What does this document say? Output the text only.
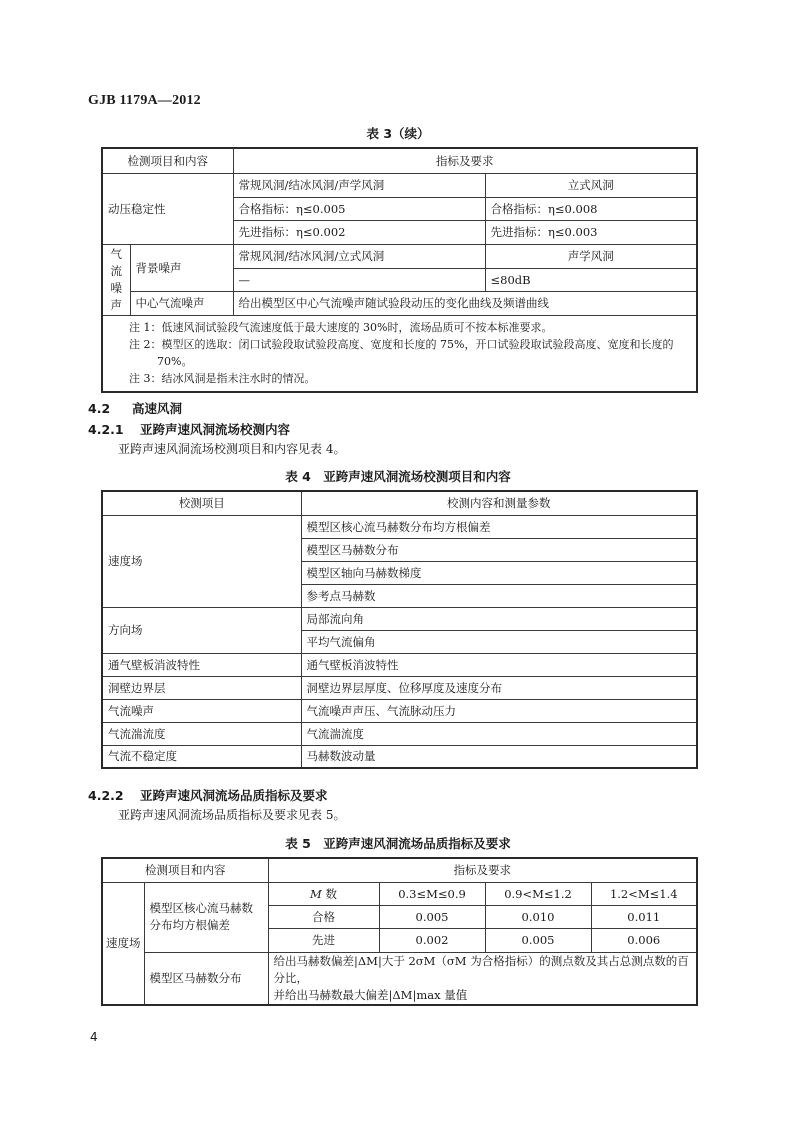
GJB 1179A—2012
表 3（续）
检测项目和内容		指标及要求	
动压稳定性		常规风洞/结冰风洞/声学风洞	立式风洞
		合格指标：η≤0.005	合格指标：η≤0.008
		先进指标：η≤0.002	先进指标：η≤0.003
气流噪声	背景噪声	常规风洞/结冰风洞/立式风洞	声学风洞
		—	≤80dB
	中心气流噪声	给出模型区中心气流噪声随试验段动压的变化曲线及频谱曲线	

注 1：低速风洞试验段气流速度低于最大速度的 30%时，流场品质可不按本标准要求。
注 2：模型区的选取：闭口试验段取试验段高度、宽度和长度的 75%，开口试验段取试验段高度、宽度和长度的 70%。
注 3：结冰风洞是指未注水时的情况。			
4.2 高速风洞
4.2.1 亚跨声速风洞流场校测内容
亚跨声速风洞流场校测项目和内容见表 4。
表 4　亚跨声速风洞流场校测项目和内容
校测项目	校测内容和测量参数
速度场	模型区核心流马赫数分布均方根偏差
	模型区马赫数分布
	模型区轴向马赫数梯度
	参考点马赫数
方向场	局部流向角
	平均气流偏角
通气壁板消波特性	通气壁板消波特性
洞壁边界层	洞壁边界层厚度、位移厚度及速度分布
气流噪声	气流噪声声压、气流脉动压力
气流湍流度	气流湍流度
气流不稳定度	马赫数波动量
4.2.2 亚跨声速风洞流场品质指标及要求
亚跨声速风洞流场品质指标及要求见表 5。
表 5　亚跨声速风洞流场品质指标及要求
检测项目和内容		指标及要求			
速度场	模型区核心流马赫数分布均方根偏差	M 数	0.3≤M≤0.9	0.9<M≤1.2	1.2<M≤1.4
		合格	0.005	0.010	0.011
		先进	0.002	0.005	0.006
	模型区马赫数分布	给出马赫数偏差|ΔM|大于 2σM（σM 为合格指标）的测点数及其占总测点数的百分比，
并给出马赫数最大偏差|ΔM|max 量值			
4
